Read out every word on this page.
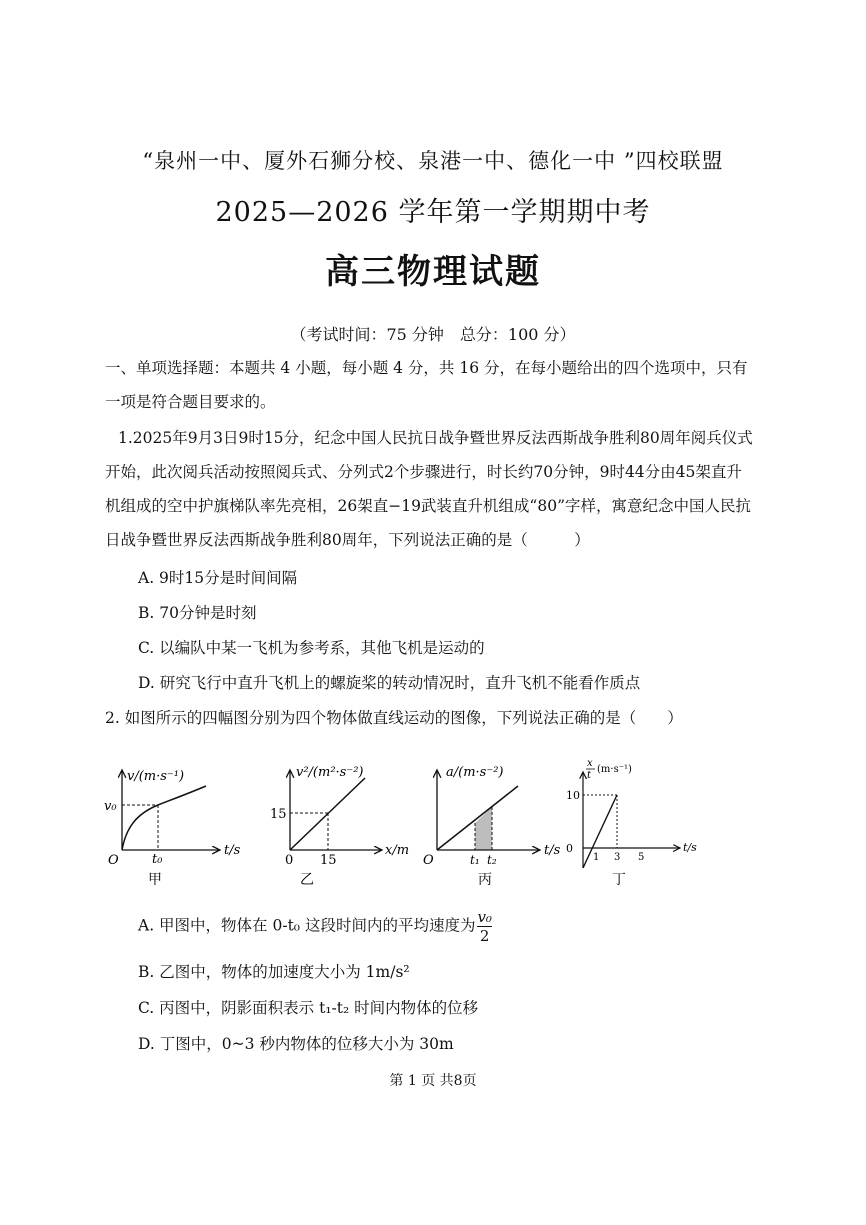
“泉州一中、厦外石狮分校、泉港一中、德化一中 ”四校联盟
2025—2026 学年第一学期期中考
高三物理试题
（考试时间：75 分钟　总分：100 分）
一、单项选择题：本题共 4 小题，每小题 4 分，共 16 分，在每小题给出的四个选项中，只有
一项是符合题目要求的。
1.2025年9月3日9时15分，纪念中国人民抗日战争暨世界反法西斯战争胜利80周年阅兵仪式
开始，此次阅兵活动按照阅兵式、分列式2个步骤进行，时长约70分钟，9时44分由45架直升
机组成的空中护旗梯队率先亮相，26架直−19武装直升机组成“80”字样，寓意纪念中国人民抗
日战争暨世界反法西斯战争胜利80周年，下列说法正确的是（　　　）
A. 9时15分是时间间隔
B. 70分钟是时刻
C. 以编队中某一飞机为参考系，其他飞机是运动的
D. 研究飞行中直升飞机上的螺旋桨的转动情况时，直升飞机不能看作质点
2. 如图所示的四幅图分别为四个物体做直线运动的图像，下列说法正确的是（　　）
v/(m·s⁻¹)
t/s
O
v₀
t₀
甲
v²/(m²·s⁻²)
x/m
0
15
15
乙
a/(m·s⁻²)
t/s
O	t₁ t₂
丙
x
t
(m·s⁻¹)
t/s
0
10
1 3 5
丁
A. 甲图中，物体在 0-t₀ 这段时间内的平均速度为 $\frac{\text{v₀}}{2}$
B. 乙图中，物体的加速度大小为 1m/s²
C. 丙图中，阴影面积表示 t₁-t₂ 时间内物体的位移
D. 丁图中，0~3 秒内物体的位移大小为 30m
第 1 页 共8页
